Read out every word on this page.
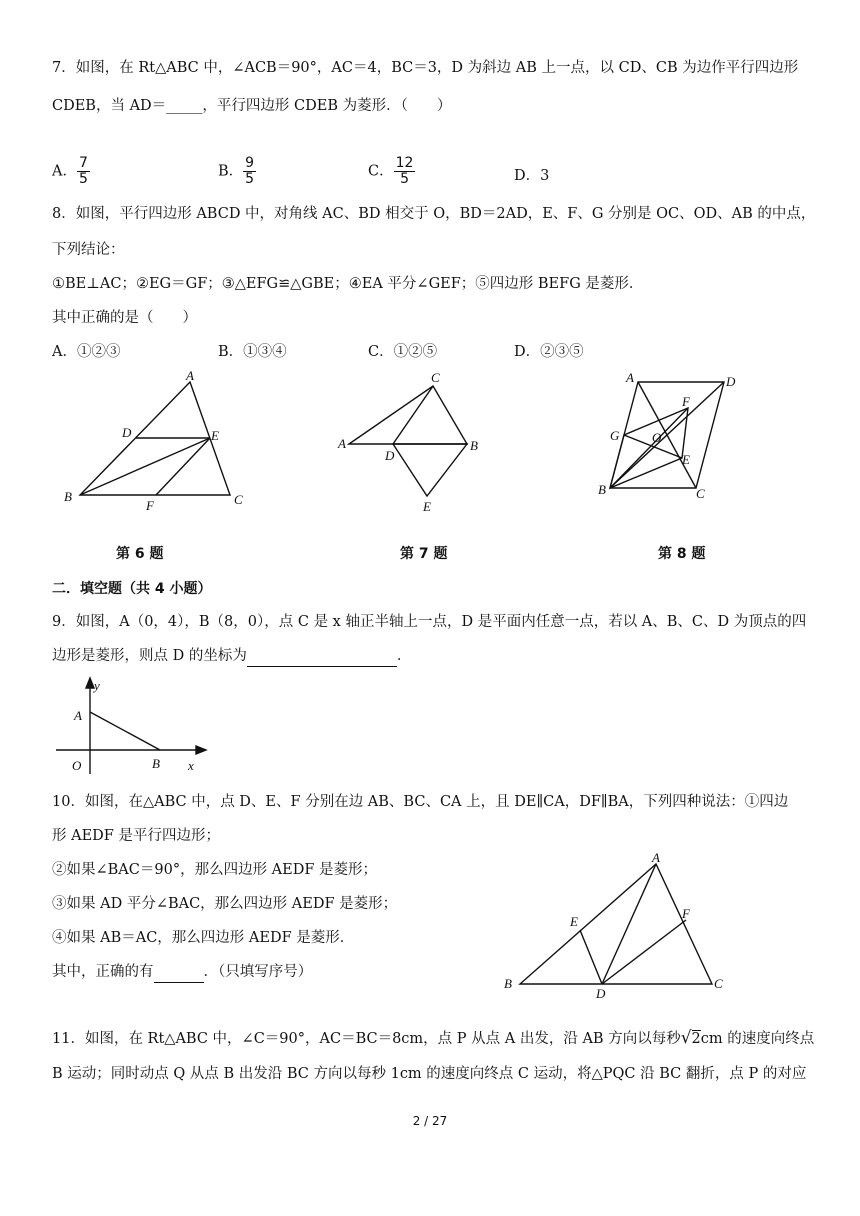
7．如图，在 Rt△ABC 中，∠ACB＝90°，AC＝4，BC＝3，D 为斜边 AB 上一点，以 CD、CB 为边作平行四边形
CDEB，当 AD＝_____，平行四边形 CDEB 为菱形．（　　）
A． $\frac{7}{5}$	B． $\frac{9}{5}$	C． $\frac{12}{5}$	D．3
8．如图，平行四边形 ABCD 中，对角线 AC、BD 相交于 O，BD＝2AD，E、F、G 分别是 OC、OD、AB 的中点，
下列结论：
①BE⊥AC；②EG＝GF；③△EFG≌△GBE；④EA 平分∠GEF；⑤四边形 BEFG 是菱形．
其中正确的是（　　）
A．①②③	B．①③④	C．①②⑤	D．②③⑤
A
D	E
B
F	C
C
A
D
B
E
A	D
F
G	O
E
B	C
第 6 题	第 7 题	第 8 题
二．填空题（共 4 小题）
9．如图，A（0，4），B（8，0），点 C 是 x 轴正半轴上一点，D 是平面内任意一点，若以 A、B、C、D 为顶点的四
边形是菱形，则点 D 的坐标为	．
y
A
O	B x
10．如图，在△ABC 中，点 D、E、F 分别在边 AB、BC、CA 上，且 DE∥CA，DF∥BA，下列四种说法：①四边
形 AEDF 是平行四边形；
②如果∠BAC＝90°，那么四边形 AEDF 是菱形；
③如果 AD 平分∠BAC，那么四边形 AEDF 是菱形；
④如果 AB＝AC，那么四边形 AEDF 是菱形．
其中，正确的有	．（只填写序号）
A
E
F
B
D
C
11．如图，在 Rt△ABC 中，∠C＝90°，AC＝BC＝8cm，点 P 从点 A 出发，沿 AB 方向以每秒√2cm 的速度向终点
B 运动；同时动点 Q 从点 B 出发沿 BC 方向以每秒 1cm 的速度向终点 C 运动，将△PQC 沿 BC 翻折，点 P 的对应
2 / 27
